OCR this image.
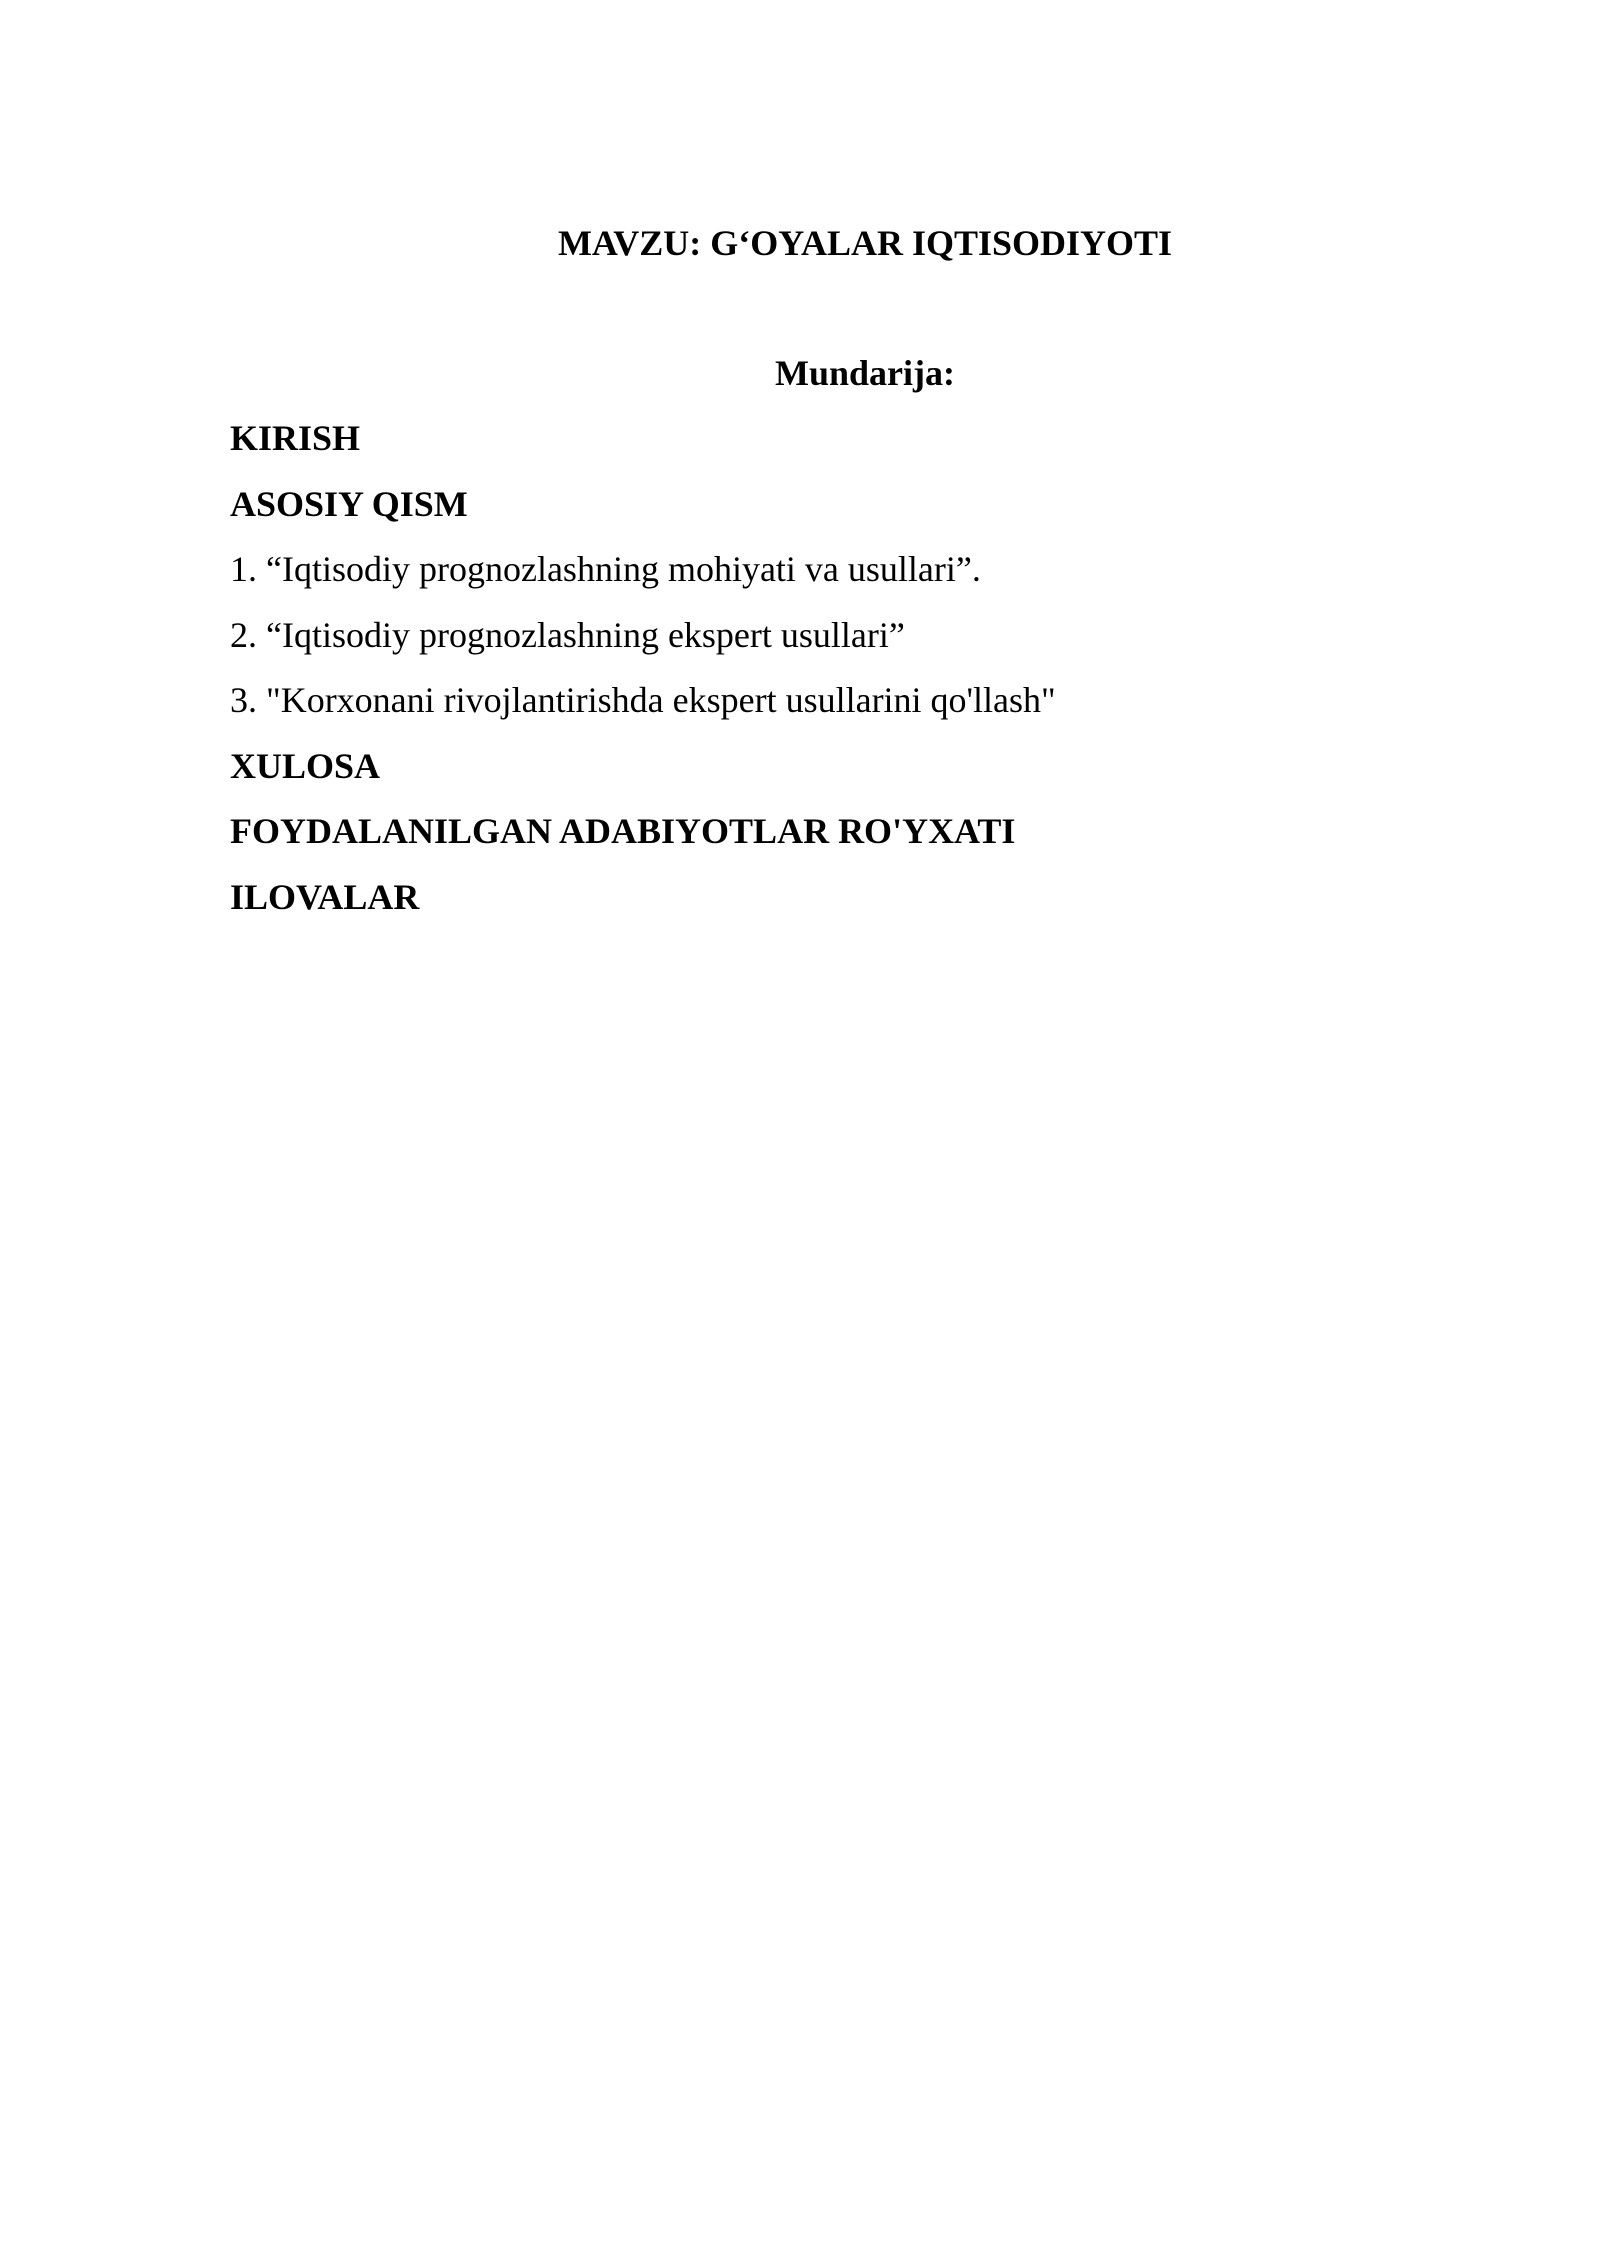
MAVZU: G‘OYALAR IQTISODIYOTI
Mundarija:
KIRISH
ASOSIY QISM
1. “Iqtisodiy prognozlashning mohiyati va usullari”.
2. “Iqtisodiy prognozlashning ekspert usullari”
3. "Korxonani rivojlantirishda ekspert usullarini qo'llash"
XULOSA
FOYDALANILGAN ADABIYOTLAR RO'YXATI
ILOVALAR
